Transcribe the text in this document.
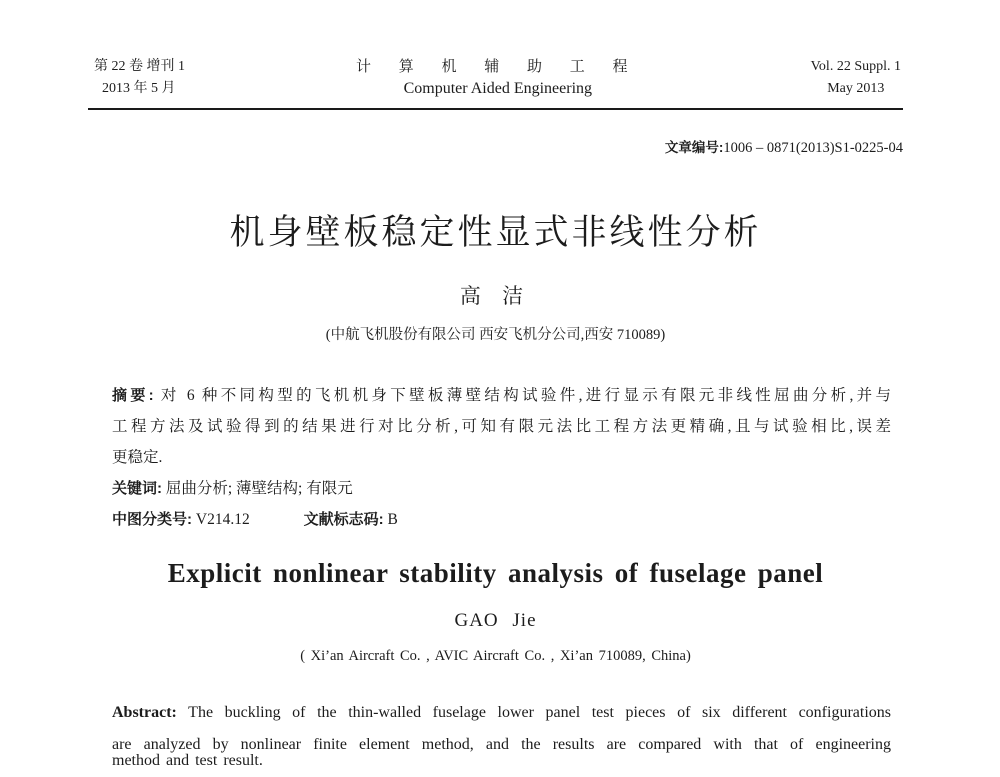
第 22 卷 增刊 1
2013 年 5 月
计 算 机 辅 助 工 程
Computer Aided Engineering
Vol. 22 Suppl. 1
May 2013
文章编号:1006 – 0871(2013)S1-0225-04
机身壁板稳定性显式非线性分析
高 洁
(中航飞机股份有限公司 西安飞机分公司,西安 710089)
摘要: 对 6 种不同构型的飞机机身下壁板薄壁结构试验件,进行显示有限元非线性屈曲分析,并与
工程方法及试验得到的结果进行对比分析,可知有限元法比工程方法更精确,且与试验相比,误差
更稳定.
关键词: 屈曲分析; 薄壁结构; 有限元
中图分类号: V214.12	文献标志码: B
Explicit nonlinear stability analysis of fuselage panel
GAO Jie
( Xi’an Aircraft Co. , AVIC Aircraft Co. , Xi’an 710089, China)
Abstract: The buckling of the thin-walled fuselage lower panel test pieces of six different configurations
are analyzed by nonlinear finite element method, and the results are compared with that of engineering
method and test result.
